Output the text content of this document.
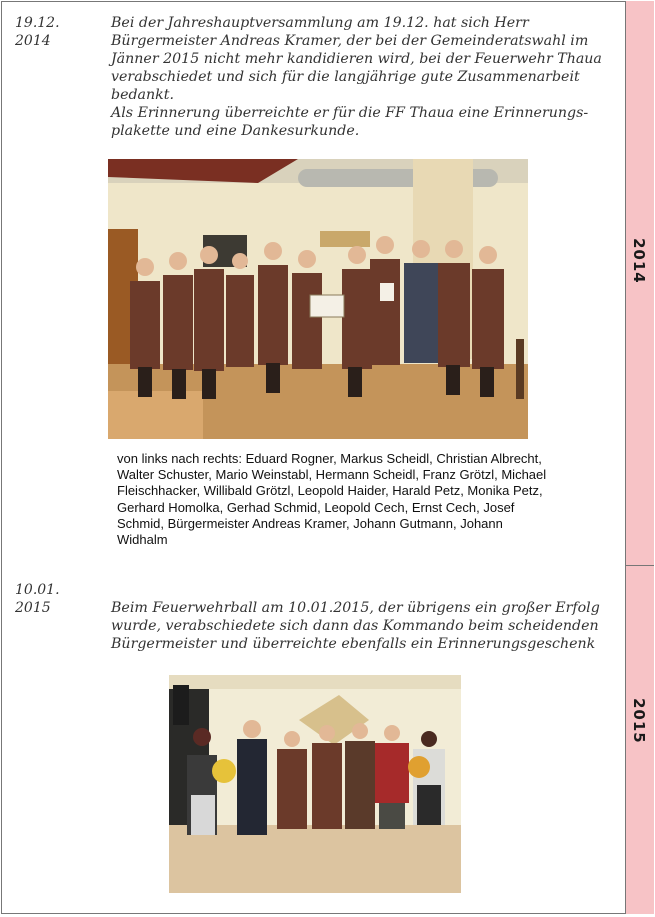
2014
2015
19.12.
2014

Bei der Jahreshauptversammlung am 19.12. hat sich Herr Bürgermeister Andreas Kramer, der bei der Gemeinderatswahl im Jänner 2015 nicht mehr kandidieren wird, bei der Feuerwehr Thaua verabschiedet und sich für die langjährige gute Zusammenarbeit bedankt.

Als Erinnerung überreichte er für die FF Thaua eine Erinnerungs-plakette und eine Dankesurkunde.

von links nach rechts: Eduard Rogner, Markus Scheidl, Christian Albrecht, Walter Schuster, Mario Weinstabl, Hermann Scheidl, Franz Grötzl, Michael Fleischhacker, Willibald Grötzl, Leopold Haider, Harald Petz, Monika Petz, Gerhard Homolka, Gerhad Schmid, Leopold Cech, Ernst Cech, Josef Schmid, Bürgermeister Andreas Kramer, Johann Gutmann, Johann Widhalm
10.01.
2015	Beim Feuerwehrball am 10.01.2015, der übrigens ein großer Erfolg wurde, verabschiedete sich dann das Kommando beim scheidenden Bürgermeister und überreichte ebenfalls ein Erinnerungsgeschenk
